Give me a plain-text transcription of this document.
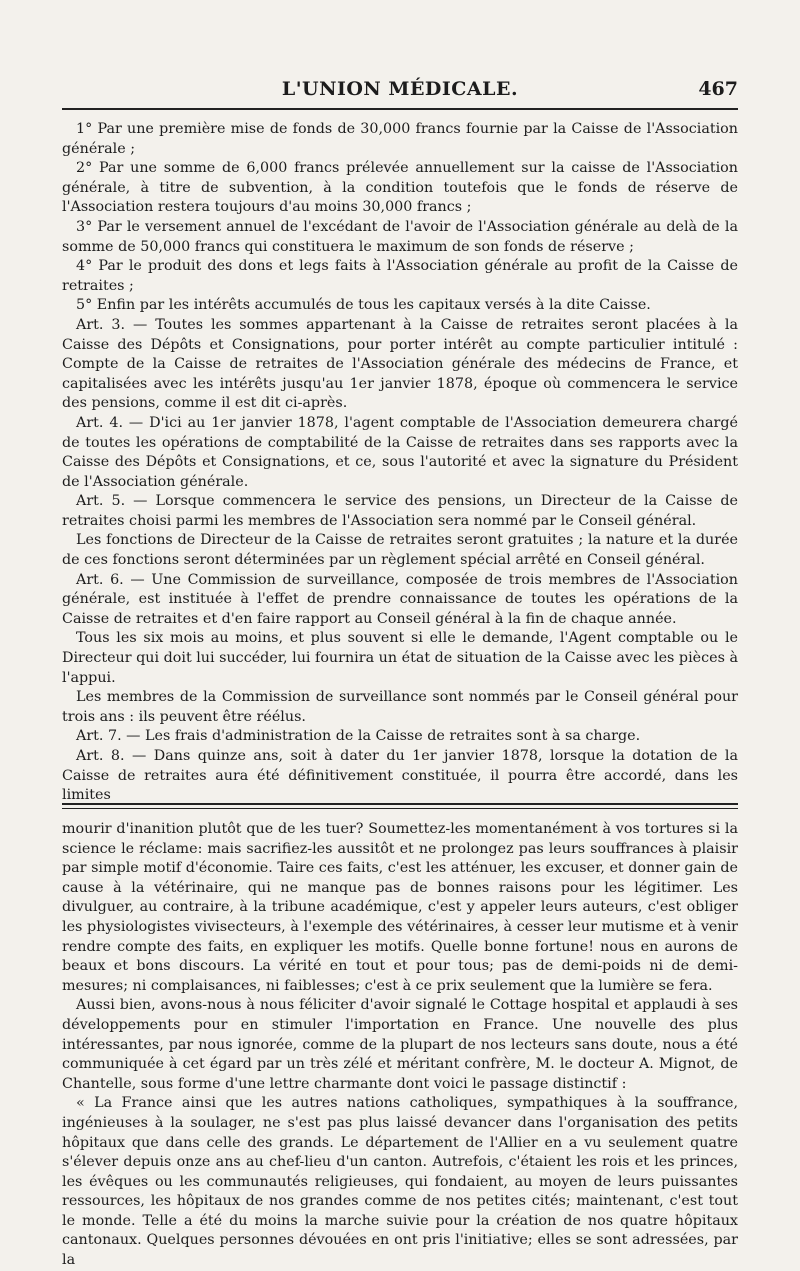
L'UNION MÉDICALE.	467

1° Par une première mise de fonds de 30,000 francs fournie par la Caisse de l'Association générale ;

2° Par une somme de 6,000 francs prélevée annuellement sur la caisse de l'Association générale, à titre de subvention, à la condition toutefois que le fonds de réserve de l'Association restera toujours d'au moins 30,000 francs ;

3° Par le versement annuel de l'excédant de l'avoir de l'Association générale au delà de la somme de 50,000 francs qui constituera le maximum de son fonds de réserve ;

4° Par le produit des dons et legs faits à l'Association générale au profit de la Caisse de retraites ;

5° Enfin par les intérêts accumulés de tous les capitaux versés à la dite Caisse.

Art. 3. — Toutes les sommes appartenant à la Caisse de retraites seront placées à la Caisse des Dépôts et Consignations, pour porter intérêt au compte particulier intitulé : Compte de la Caisse de retraites de l'Association générale des médecins de France, et capitalisées avec les intérêts jusqu'au 1er janvier 1878, époque où commencera le service des pensions, comme il est dit ci-après.

Art. 4. — D'ici au 1er janvier 1878, l'agent comptable de l'Association demeurera chargé de toutes les opérations de comptabilité de la Caisse de retraites dans ses rapports avec la Caisse des Dépôts et Consignations, et ce, sous l'autorité et avec la signature du Président de l'Association générale.

Art. 5. — Lorsque commencera le service des pensions, un Directeur de la Caisse de retraites choisi parmi les membres de l'Association sera nommé par le Conseil général.

Les fonctions de Directeur de la Caisse de retraites seront gratuites ; la nature et la durée de ces fonctions seront déterminées par un règlement spécial arrêté en Conseil général.

Art. 6. — Une Commission de surveillance, composée de trois membres de l'Association générale, est instituée à l'effet de prendre connaissance de toutes les opérations de la Caisse de retraites et d'en faire rapport au Conseil général à la fin de chaque année.

Tous les six mois au moins, et plus souvent si elle le demande, l'Agent comptable ou le Directeur qui doit lui succéder, lui fournira un état de situation de la Caisse avec les pièces à l'appui.

Les membres de la Commission de surveillance sont nommés par le Conseil général pour trois ans : ils peuvent être réélus.

Art. 7. — Les frais d'administration de la Caisse de retraites sont à sa charge.

Art. 8. — Dans quinze ans, soit à dater du 1er janvier 1878, lorsque la dotation de la Caisse de retraites aura été définitivement constituée, il pourra être accordé, dans les limites

mourir d'inanition plutôt que de les tuer? Soumettez-les momentanément à vos tortures si la science le réclame: mais sacrifiez-les aussitôt et ne prolongez pas leurs souffrances à plaisir par simple motif d'économie. Taire ces faits, c'est les atténuer, les excuser, et donner gain de cause à la vétérinaire, qui ne manque pas de bonnes raisons pour les légitimer. Les divulguer, au contraire, à la tribune académique, c'est y appeler leurs auteurs, c'est obliger les physiologistes vivisecteurs, à l'exemple des vétérinaires, à cesser leur mutisme et à venir rendre compte des faits, en expliquer les motifs. Quelle bonne fortune! nous en aurons de beaux et bons discours. La vérité en tout et pour tous; pas de demi-poids ni de demi-mesures; ni complaisances, ni faiblesses; c'est à ce prix seulement que la lumière se fera.

Aussi bien, avons-nous à nous féliciter d'avoir signalé le Cottage hospital et applaudi à ses développements pour en stimuler l'importation en France. Une nouvelle des plus intéressantes, par nous ignorée, comme de la plupart de nos lecteurs sans doute, nous a été communiquée à cet égard par un très zélé et méritant confrère, M. le docteur A. Mignot, de Chantelle, sous forme d'une lettre charmante dont voici le passage distinctif :

« La France ainsi que les autres nations catholiques, sympathiques à la souffrance, ingénieuses à la soulager, ne s'est pas plus laissé devancer dans l'organisation des petits hôpitaux que dans celle des grands. Le département de l'Allier en a vu seulement quatre s'élever depuis onze ans au chef-lieu d'un canton. Autrefois, c'étaient les rois et les princes, les évêques ou les communautés religieuses, qui fondaient, au moyen de leurs puissantes ressources, les hôpitaux de nos grandes comme de nos petites cités; maintenant, c'est tout le monde. Telle a été du moins la marche suivie pour la création de nos quatre hôpitaux cantonaux. Quelques personnes dévouées en ont pris l'initiative; elles se sont adressées, par la
